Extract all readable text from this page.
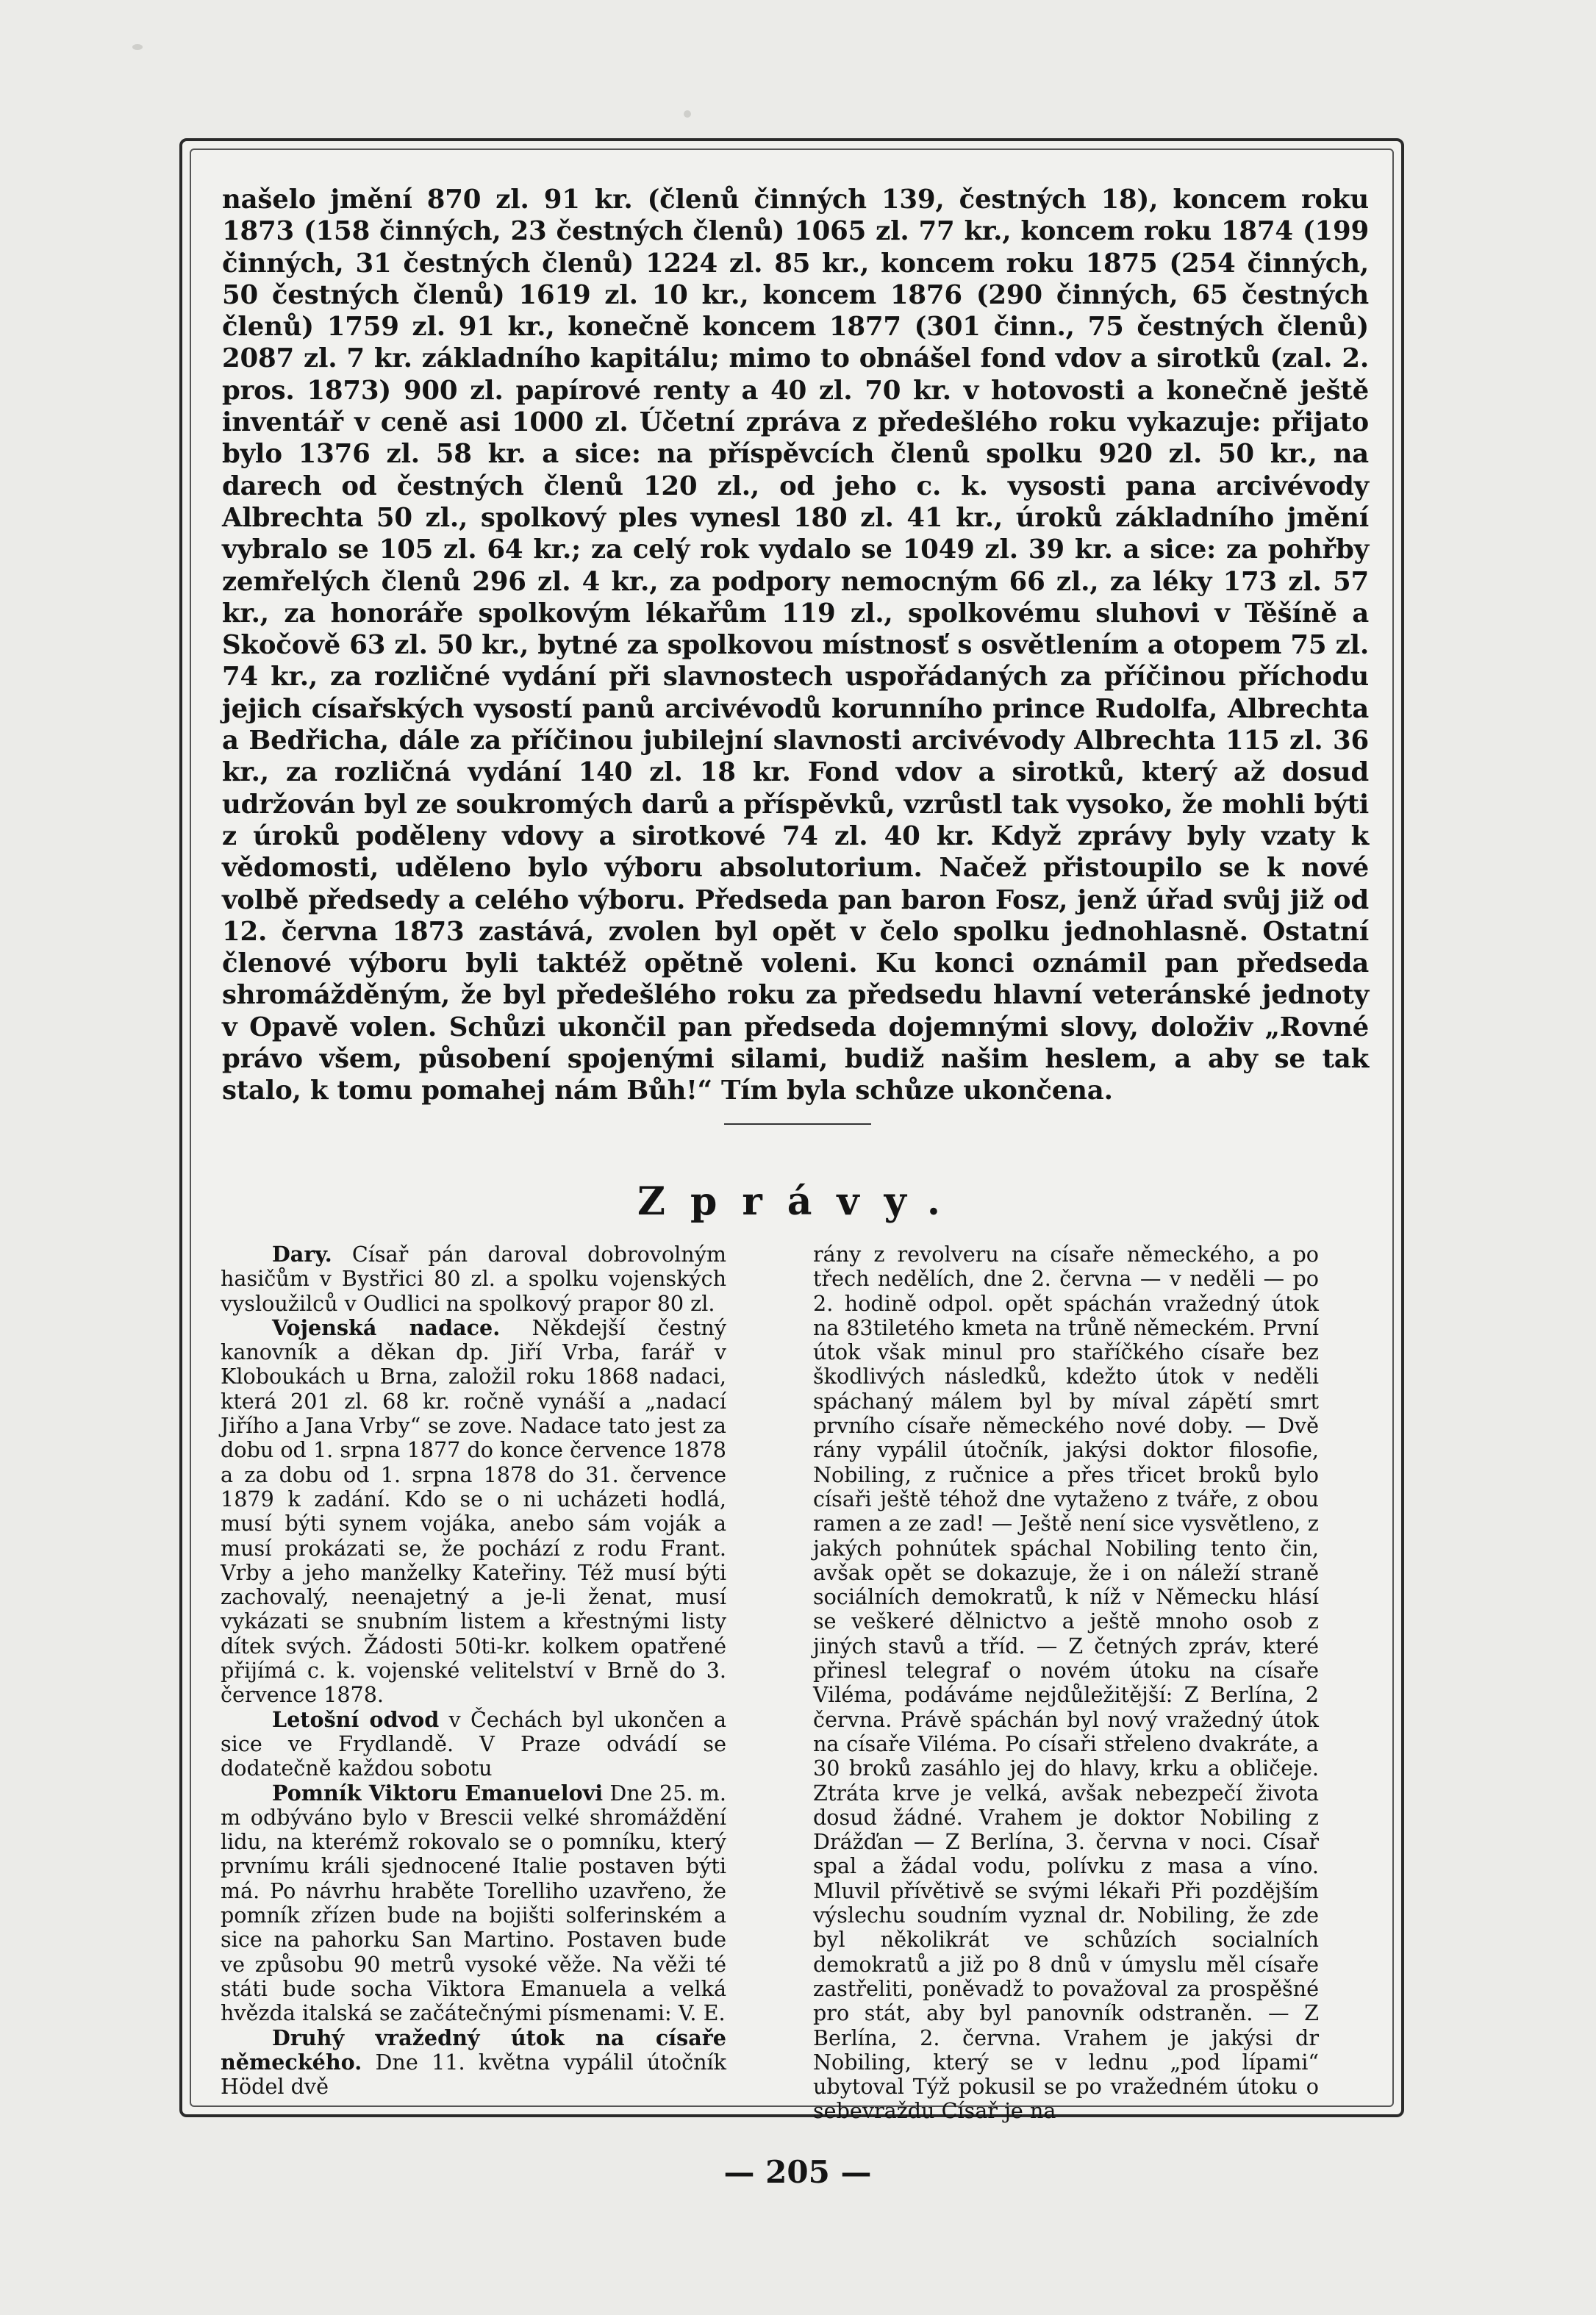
našelo jmění 870 zl. 91 kr. (členů činných 139, čestných 18), koncem roku 1873 (158 činných, 23 čestných členů) 1065 zl. 77 kr., koncem roku 1874 (199 činných, 31 čestných členů) 1224 zl. 85 kr., koncem roku 1875 (254 činných, 50 čestných členů) 1619 zl. 10 kr., koncem 1876 (290 činných, 65 čestných členů) 1759 zl. 91 kr., konečně koncem 1877 (301 činn., 75 čestných členů) 2087 zl. 7 kr. základního kapitálu; mimo to obnášel fond vdov a sirotků (zal. 2. pros. 1873) 900 zl. papírové renty a 40 zl. 70 kr. v hotovosti a konečně ještě inventář v ceně asi 1000 zl. Účetní zpráva z předešlého roku vykazuje: přijato bylo 1376 zl. 58 kr. a sice: na příspěvcích členů spolku 920 zl. 50 kr., na darech od čestných členů 120 zl., od jeho c. k. vysosti pana arcivévody Albrechta 50 zl., spolkový ples vynesl 180 zl. 41 kr., úroků základního jmění vybralo se 105 zl. 64 kr.; za celý rok vydalo se 1049 zl. 39 kr. a sice: za pohřby zemřelých členů 296 zl. 4 kr., za podpory nemocným 66 zl., za léky 173 zl. 57 kr., za honoráře spolkovým lékařům 119 zl., spolkovému sluhovi v Těšíně a Skočově 63 zl. 50 kr., bytné za spolkovou místnosť s osvětlením a otopem 75 zl. 74 kr., za rozličné vydání při slavnostech uspořádaných za příčinou příchodu jejich císařských vysostí panů arcivévodů korunního prince Rudolfa, Albrechta a Bedřicha, dále za příčinou jubilejní slavnosti arcivévody Albrechta 115 zl. 36 kr., za rozličná vydání 140 zl. 18 kr. Fond vdov a sirotků, který až dosud udržován byl ze soukromých darů a příspěvků, vzrůstl tak vysoko, že mohli býti z úroků poděleny vdovy a sirotkové 74 zl. 40 kr. Když zprávy byly vzaty k vědomosti, uděleno bylo výboru absolutorium. Načež přistoupilo se k nové volbě předsedy a celého výboru. Předseda pan baron Fosz, jenž úřad svůj již od 12. června 1873 zastává, zvolen byl opět v čelo spolku jednohlasně. Ostatní členové výboru byli taktéž opětně voleni. Ku konci oznámil pan předseda shromážděným, že byl předešlého roku za předsedu hlavní veteránské jednoty v Opavě volen. Schůzi ukončil pan předseda dojemnými slovy, doloživ „Rovné právo všem, působení spojenými silami, budiž našim heslem, a aby se tak stalo, k tomu pomahej nám Bůh!“ Tím byla schůze ukončena.

Zprávy.

Dary. Císař pán daroval dobrovolným hasičům v Bystřici 80 zl. a spolku vojenských vysloužilců v Oudlici na spolkový prapor 80 zl.

Vojenská nadace. Někdejší čestný kanovník a děkan dp. Jiří Vrba, farář v Kloboukách u Brna, založil roku 1868 nadaci, která 201 zl. 68 kr. ročně vynáší a „nadací Jiřího a Jana Vrby“ se zove. Nadace tato jest za dobu od 1. srpna 1877 do konce července 1878 a za dobu od 1. srpna 1878 do 31. července 1879 k zadání. Kdo se o ni ucházeti hodlá, musí býti synem vojáka, anebo sám voják a musí prokázati se, že pochází z rodu Frant. Vrby a jeho manželky Kateřiny. Též musí býti zachovalý, neenajetný a je-li ženat, musí vykázati se snubním listem a křestnými listy dítek svých. Žádosti 50ti-kr. kolkem opatřené přijímá c. k. vojenské velitelství v Brně do 3. července 1878.

Letošní odvod v Čechách byl ukončen a sice ve Frydlandě. V Praze odvádí se dodatečně každou sobotu

Pomník Viktoru Emanuelovi Dne 25. m. m odbýváno bylo v Brescii velké shromáždění lidu, na kterémž rokovalo se o pomníku, který prvnímu králi sjednocené Italie postaven býti má. Po návrhu hraběte Torelliho uzavřeno, že pomník zřízen bude na bojišti solferinském a sice na pahorku San Martino. Postaven bude ve způsobu 90 metrů vysoké věže. Na věži té státi bude socha Viktora Emanuela a velká hvězda italská se začátečnými písmenami: V. E.

Druhý vražedný útok na císaře německého. Dne 11. května vypálil útočník Hödel dvě

rány z revolveru na císaře německého, a po třech nedělích, dne 2. června — v neděli — po 2. hodině odpol. opět spáchán vražedný útok na 83tiletého kmeta na trůně německém. První útok však minul pro staříčkého císaře bez škodlivých následků, kdežto útok v neděli spáchaný málem byl by míval zápětí smrt prvního císaře německého nové doby. — Dvě rány vypálil útočník, jakýsi doktor filosofie, Nobiling, z ručnice a přes třicet broků bylo císaři ještě téhož dne vytaženo z tváře, z obou ramen a ze zad! — Ještě není sice vysvětleno, z jakých pohnútek spáchal Nobiling tento čin, avšak opět se dokazuje, že i on náleží straně sociálních demokratů, k níž v Německu hlásí se veškeré dělnictvo a ještě mnoho osob z jiných stavů a tříd. — Z četných zpráv, které přinesl telegraf o novém útoku na císaře Viléma, podáváme nejdůležitější: Z Berlína, 2 června. Právě spáchán byl nový vražedný útok na císaře Viléma. Po císaři střeleno dvakráte, a 30 broků zasáhlo jej do hlavy, krku a obličeje. Ztráta krve je velká, avšak nebezpečí života dosud žádné. Vrahem je doktor Nobiling z Drážďan — Z Berlína, 3. června v noci. Císař spal a žádal vodu, polívku z masa a víno. Mluvil přívětivě se svými lékaři Při pozdějším výslechu soudním vyznal dr. Nobiling, že zde byl několikrát ve schůzích socialních demokratů a již po 8 dnů v úmyslu měl císaře zastřeliti, poněvadž to považoval za prospěšné pro stát, aby byl panovník odstraněn. — Z Berlína, 2. června. Vrahem je jakýsi dr Nobiling, který se v lednu „pod lípami“ ubytoval Týž pokusil se po vražedném útoku o sebevraždu Císař je na

— 205 —
